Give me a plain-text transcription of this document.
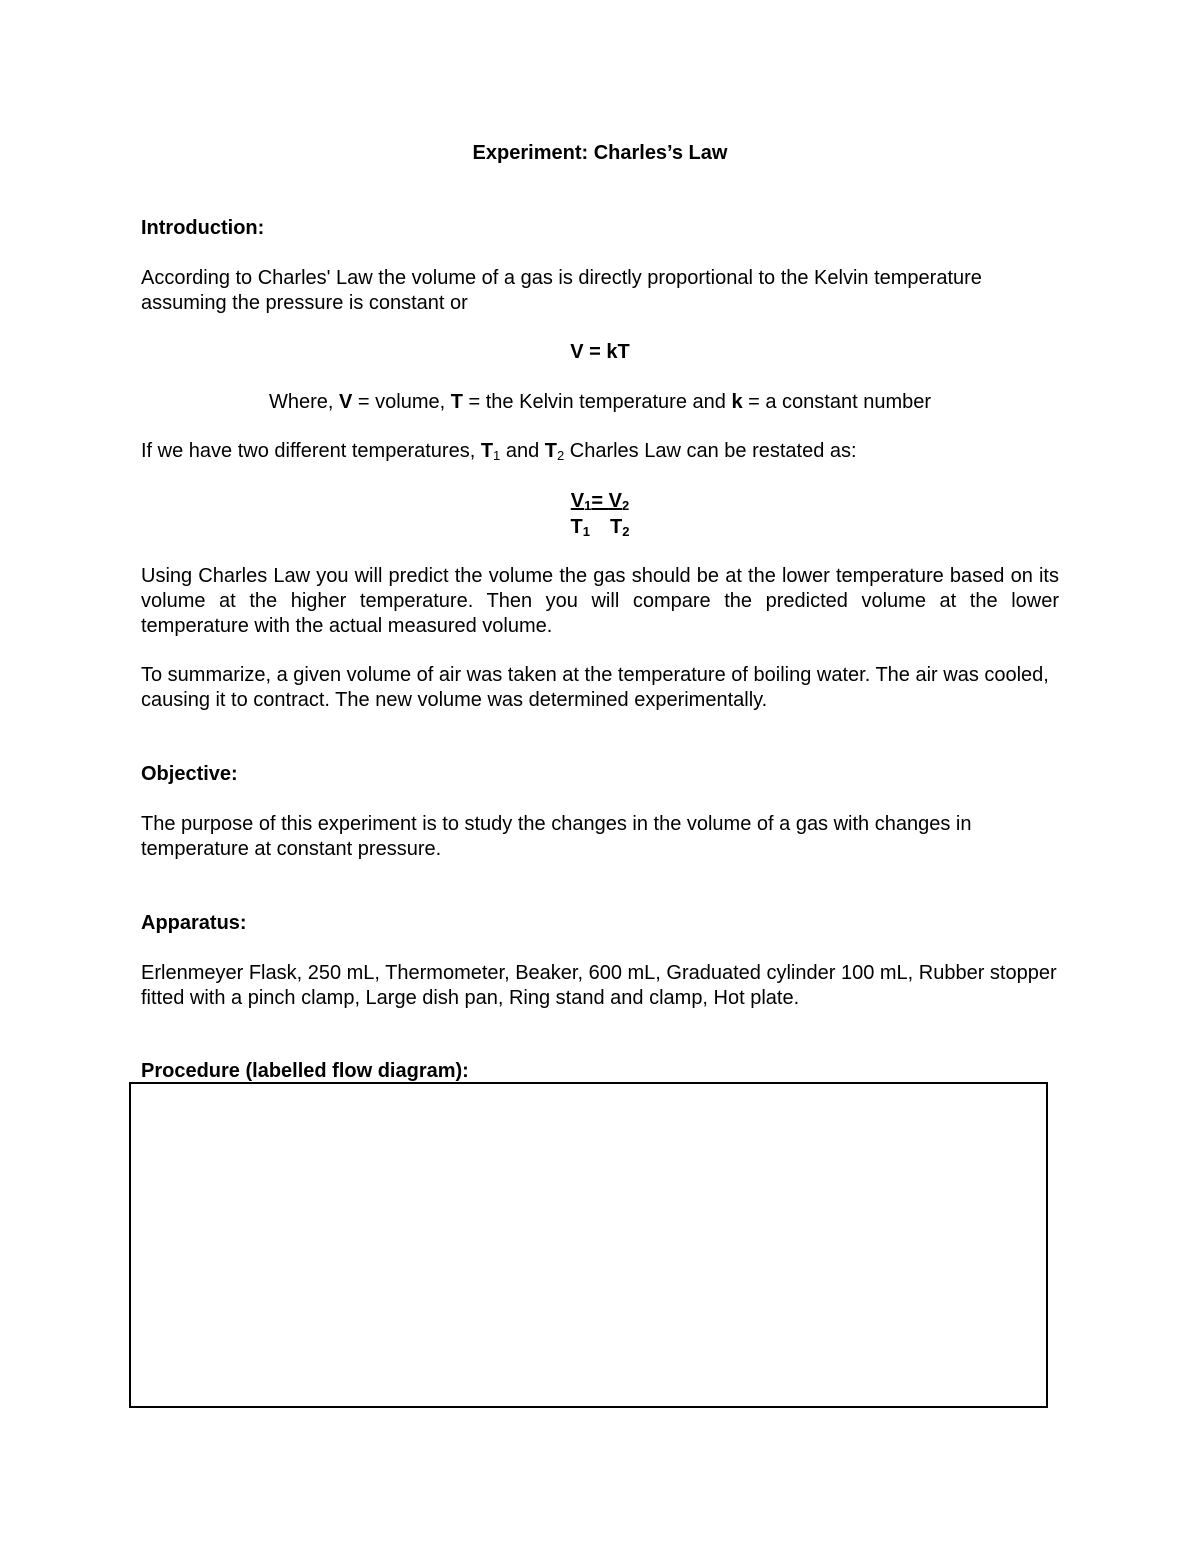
Experiment: Charles’s Law
Introduction:
According to Charles' Law the volume of a gas is directly proportional to the Kelvin temperature assuming the pressure is constant or
V = kT
Where, V = volume, T = the Kelvin temperature and k = a constant number
If we have two different temperatures, $T_1$ and $T_2$ Charles Law can be restated as:
$V_1= V_2$
$T_1$ $T_2$
Using Charles Law you will predict the volume the gas should be at the lower temperature based on its volume at the higher temperature. Then you will compare the predicted volume at the lower temperature with the actual measured volume.
To summarize, a given volume of air was taken at the temperature of boiling water. The air was cooled, causing it to contract. The new volume was determined experimentally.
Objective:
The purpose of this experiment is to study the changes in the volume of a gas with changes in temperature at constant pressure.
Apparatus:
Erlenmeyer Flask, 250 mL, Thermometer, Beaker, 600 mL, Graduated cylinder 100 mL, Rubber stopper fitted with a pinch clamp, Large dish pan, Ring stand and clamp, Hot plate.
Procedure (labelled flow diagram):
